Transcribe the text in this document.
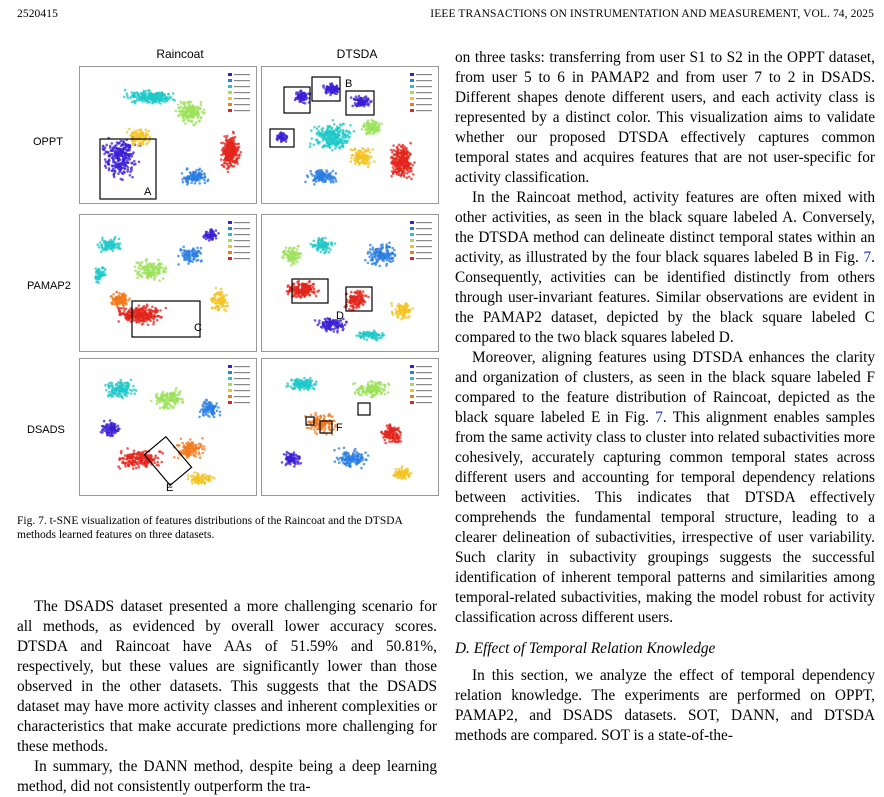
2520415	IEEE TRANSACTIONS ON INSTRUMENTATION AND MEASUREMENT, VOL. 74, 2025
Raincoat	DTSDA
OPPT
PAMAP2
DSADS
A
B
C
D
E
F
Fig. 7. t-SNE visualization of features distributions of the Raincoat and the DTSDA methods learned features on three datasets.

The DSADS dataset presented a more challenging scenario for all methods, as evidenced by overall lower accuracy scores. DTSDA and Raincoat have AAs of 51.59% and 50.81%, respectively, but these values are significantly lower than those observed in the other datasets. This suggests that the DSADS dataset may have more activity classes and inherent complexities or characteristics that make accurate predictions more challenging for these methods.

In summary, the DANN method, despite being a deep learning method, did not consistently outperform the tra-

on three tasks: transferring from user S1 to S2 in the OPPT dataset, from user 5 to 6 in PAMAP2 and from user 7 to 2 in DSADS. Different shapes denote different users, and each activity class is represented by a distinct color. This visualization aims to validate whether our proposed DTSDA effectively captures common temporal states and acquires features that are not user-specific for activity classification.

In the Raincoat method, activity features are often mixed with other activities, as seen in the black square labeled A. Conversely, the DTSDA method can delineate distinct temporal states within an activity, as illustrated by the four black squares labeled B in Fig. 7. Consequently, activities can be identified distinctly from others through user-invariant features. Similar observations are evident in the PAMAP2 dataset, depicted by the black square labeled C compared to the two black squares labeled D.

Moreover, aligning features using DTSDA enhances the clarity and organization of clusters, as seen in the black square labeled F compared to the feature distribution of Raincoat, depicted as the black square labeled E in Fig. 7. This alignment enables samples from the same activity class to cluster into related subactivities more cohesively, accurately capturing common temporal states across different users and accounting for temporal dependency relations between activities. This indicates that DTSDA effectively comprehends the fundamental temporal structure, leading to a clearer delineation of subactivities, irrespective of user variability. Such clarity in subactivity groupings suggests the successful identification of inherent temporal patterns and similarities among temporal-related subactivities, making the model robust for activity classification across different users.

D. Effect of Temporal Relation Knowledge

In this section, we analyze the effect of temporal dependency relation knowledge. The experiments are performed on OPPT, PAMAP2, and DSADS datasets. SOT, DANN, and DTSDA methods are compared. SOT is a state-of-the-
